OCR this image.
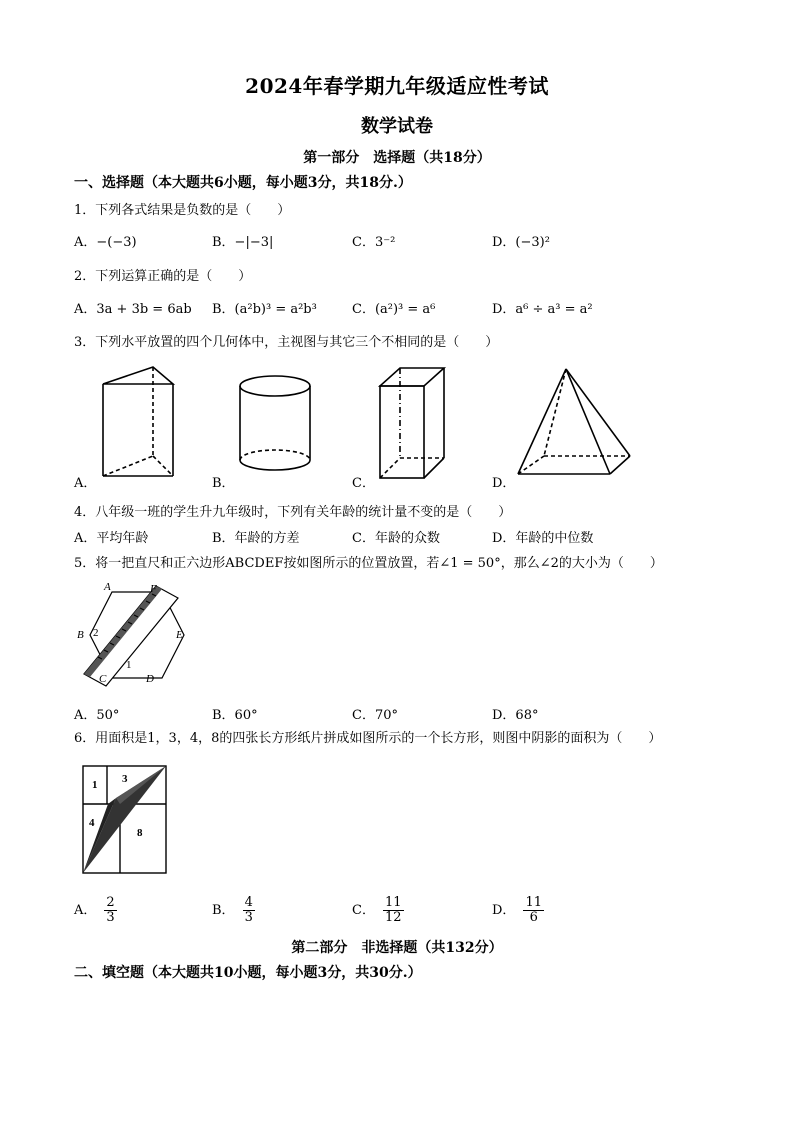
2024年春学期九年级适应性考试
数学试卷
第一部分　选择题（共18分）
一、选择题（本大题共6小题，每小题3分，共18分.）
1．下列各式结果是负数的是（　　）
A．−(−3)	B．−|−3|	C．3⁻²	D．(−3)²
2．下列运算正确的是（　　）
A．3a + 3b = 6ab B．(a²b)³ = a²b³	C．(a²)³ = a⁶	D．a⁶ ÷ a³ = a²
3．下列水平放置的四个几何体中，主视图与其它三个不相同的是（　　）
A．	B．	C．	D．
4．八年级一班的学生升九年级时，下列有关年龄的统计量不变的是（　　）
A．平均年龄	B．年龄的方差	C．年龄的众数	D．年龄的中位数
5．将一把直尺和正六边形ABCDEF按如图所示的位置放置，若∠1 = 50°，那么∠2的大小为（　　）
A	F
B 2	E
1
C	D
A．50°	B．60°	C．70°	D．68°
6．用面积是1，3，4，8的四张长方形纸片拼成如图所示的一个长方形，则图中阴影的面积为（　　）
1 3
4
8
A． $\frac{2}{3}$	B． $\frac{4}{3}$	C． $\frac{11}{12}$	D． $\frac{11}{6}$
第二部分　非选择题（共132分）
二、填空题（本大题共10小题，每小题3分，共30分.）
